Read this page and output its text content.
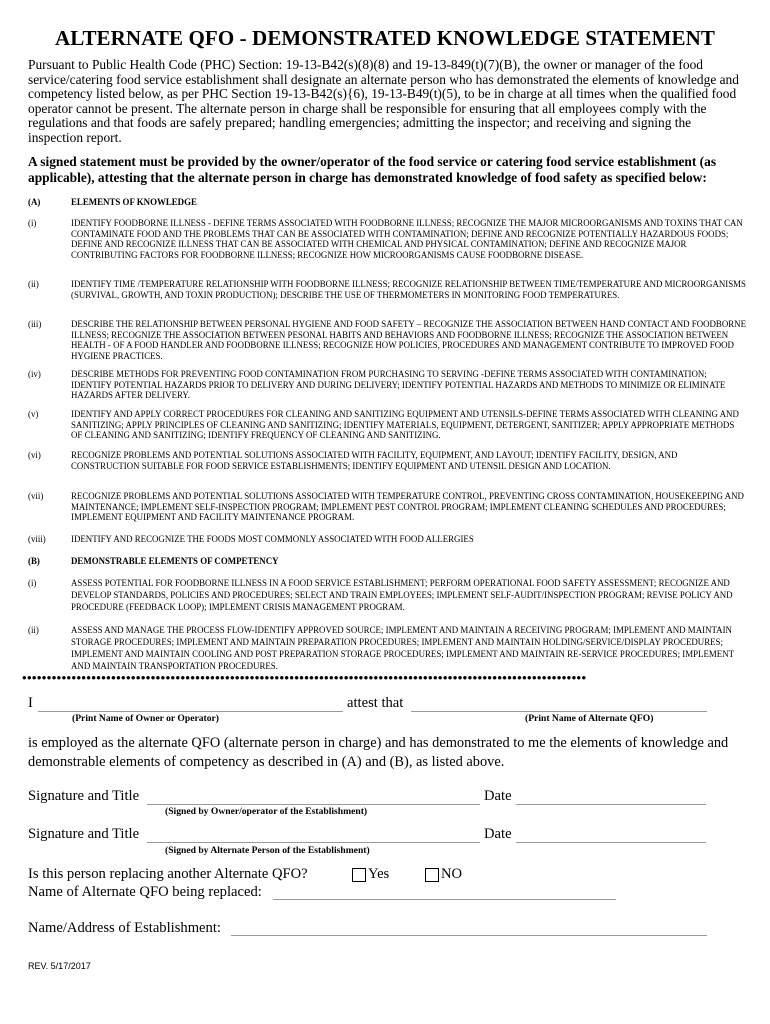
ALTERNATE QFO - DEMONSTRATED KNOWLEDGE STATEMENT
Pursuant to Public Health Code (PHC) Section: 19-13-B42(s)(8)(8) and 19-13-849(t)(7)(B), the owner or manager of the food service/catering food service establishment shall designate an alternate person who has demonstrated the elements of knowledge and competency listed below, as per PHC Section 19-13-B42(s){6), 19-13-B49(t)(5), to be in charge at all times when the qualified food operator cannot be present. The alternate person in charge shall be responsible for ensuring that all employees comply with the regulations and that foods are safely prepared; handling emergencies; admitting the inspector; and receiving and signing the inspection report.
A signed statement must be provided by the owner/operator of the food service or catering food service establishment (as applicable), attesting that the alternate person in charge has demonstrated knowledge of food safety as specified below:
(A)	ELEMENTS OF KNOWLEDGE
(i)	IDENTIFY FOODBORNE ILLNESS - DEFINE TERMS ASSOCIATED WITH FOODBORNE ILLNESS; RECOGNIZE THE MAJOR MICROORGANISMS AND TOXINS THAT CAN CONTAMINATE FOOD AND THE PROBLEMS THAT CAN BE ASSOCIATED WITH CONTAMINATION; DEFINE AND RECOGNIZE POTENTIALLY HAZARDOUS FOODS; DEFINE AND RECOGNIZE ILLNESS THAT CAN BE ASSOCIATED WITH CHEMICAL AND PHYSICAL CONTAMINATION; DEFINE AND RECOGNIZE MAJOR CONTRIBUTING FACTORS FOR FOODBORNE ILLNESS; RECOGNIZE HOW MICROORGANISMS CAUSE FOODBORNE DISEASE.
(ii)	IDENTIFY TIME /TEMPERATURE RELATIONSHIP WITH FOODBORNE ILLNESS; RECOGNIZE RELATIONSHIP BETWEEN TIME/TEMPERATURE AND MICROORGANISMS (SURVIVAL, GROWTH, AND TOXIN PRODUCTION); DESCRIBE THE USE OF THERMOMETERS IN MONITORING FOOD TEMPERATURES.
(iii)	DESCRIBE THE RELATIONSHIP BETWEEN PERSONAL HYGIENE AND FOOD SAFETY – RECOGNIZE THE ASSOCIATION BETWEEN HAND CONTACT AND FOODBORNE ILLNESS; RECOGNIZE THE ASSOCIATION BETWEEN PESONAL HABITS AND BEHAVIORS AND FOODBORNE ILLNESS; RECOGNIZE THE ASSOCIATION BETWEEN HEALTH - OF A FOOD HANDLER AND FOODBORNE ILLNESS; RECOGNIZE HOW POLICIES, PROCEDURES AND MANAGEMENT CONTRIBUTE TO IMPROVED FOOD HYGIENE PRACTICES.
(iv)	DESCRIBE METHODS FOR PREVENTING FOOD CONTAMINATION FROM PURCHASING TO SERVING -DEFINE TERMS ASSOCIATED WITH CONTAMINATION; IDENTIFY POTENTIAL HAZARDS PRIOR TO DELIVERY AND DURING DELIVERY; IDENTIFY POTENTIAL HAZARDS AND METHODS TO MINIMIZE OR ELIMINATE HAZARDS AFTER DELIVERY.
(v)	IDENTIFY AND APPLY CORRECT PROCEDURES FOR CLEANING AND SANITIZING EQUIPMENT AND UTENSILS-DEFINE TERMS ASSOCIATED WITH CLEANING AND SANITIZING; APPLY PRINCIPLES OF CLEANING AND SANITIZING; IDENTIFY MATERIALS, EQUIPMENT, DETERGENT, SANITIZER; APPLY APPROPRIATE METHODS OF CLEANING AND SANITIZING; IDENTIFY FREQUENCY OF CLEANING AND SANITIZING.
(vi)	RECOGNIZE PROBLEMS AND POTENTIAL SOLUTIONS ASSOCIATED WITH FACILITY, EQUIPMENT, AND LAYOUT; IDENTIFY FACILITY, DESIGN, AND CONSTRUCTION SUITABLE FOR FOOD SERVICE ESTABLISHMENTS; IDENTIFY EQUIPMENT AND UTENSIL DESIGN AND LOCATION.
(vii)	RECOGNIZE PROBLEMS AND POTENTIAL SOLUTIONS ASSOCIATED WITH TEMPERATURE CONTROL, PREVENTING CROSS CONTAMINATION, HOUSEKEEPING AND MAINTENANCE; IMPLEMENT SELF-INSPECTION PROGRAM; IMPLEMENT PEST CONTROL PROGRAM; IMPLEMENT CLEANING SCHEDULES AND PROCEDURES; IMPLEMENT EQUIPMENT AND FACILITY MAINTENANCE PROGRAM.
(viii)	IDENTIFY AND RECOGNIZE THE FOODS MOST COMMONLY ASSOCIATED WITH FOOD ALLERGIES
(B)	DEMONSTRABLE ELEMENTS OF COMPETENCY
(i)	ASSESS POTENTIAL FOR FOODBORNE ILLNESS IN A FOOD SERVICE ESTABLISHMENT; PERFORM OPERATIONAL FOOD SAFETY ASSESSMENT; RECOGNIZE AND DEVELOP STANDARDS, POLICIES AND PROCEDURES; SELECT AND TRAIN EMPLOYEES; IMPLEMENT SELF-AUDIT/INSPECTION PROGRAM; REVISE POLICY AND PROCEDURE (FEEDBACK LOOP); IMPLEMENT CRISIS MANAGEMENT PROGRAM.
(ii)	ASSESS AND MANAGE THE PROCESS FLOW-IDENTIFY APPROVED SOURCE; IMPLEMENT AND MAINTAIN A RECEIVING PROGRAM; IMPLEMENT AND MAINTAIN STORAGE PROCEDURES; IMPLEMENT AND MAINTAIN PREPARATION PROCEDURES; IMPLEMENT AND MAINTAIN HOLDING/SERVICE/DISPLAY PROCEDURES; IMPLEMENT AND MAINTAIN COOLING AND POST PREPARATION STORAGE PROCEDURES; IMPLEMENT AND MAINTAIN RE-SERVICE PROCEDURES; IMPLEMENT AND MAINTAIN TRANSPORTATION PROCEDURES.
••••••••••••••••••••••••••••••••••••••••••••••••••••••••••••••••••••••••••••••••••••••••••••••••••••••••••••••••••
I	attest that
(Print Name of Owner or Operator)	(Print Name of Alternate QFO)
is employed as the alternate QFO (alternate person in charge) and has demonstrated to me the elements of knowledge and demonstrable elements of competency as described in (A) and (B), as listed above.
Signature and Title	Date
(Signed by Owner/operator of the Establishment)
Signature and Title	Date
(Signed by Alternate Person of the Establishment)
Is this person replacing another Alternate QFO?	Yes	NO
Name of Alternate QFO being replaced:
Name/Address of Establishment:
REV. 5/17/2017
